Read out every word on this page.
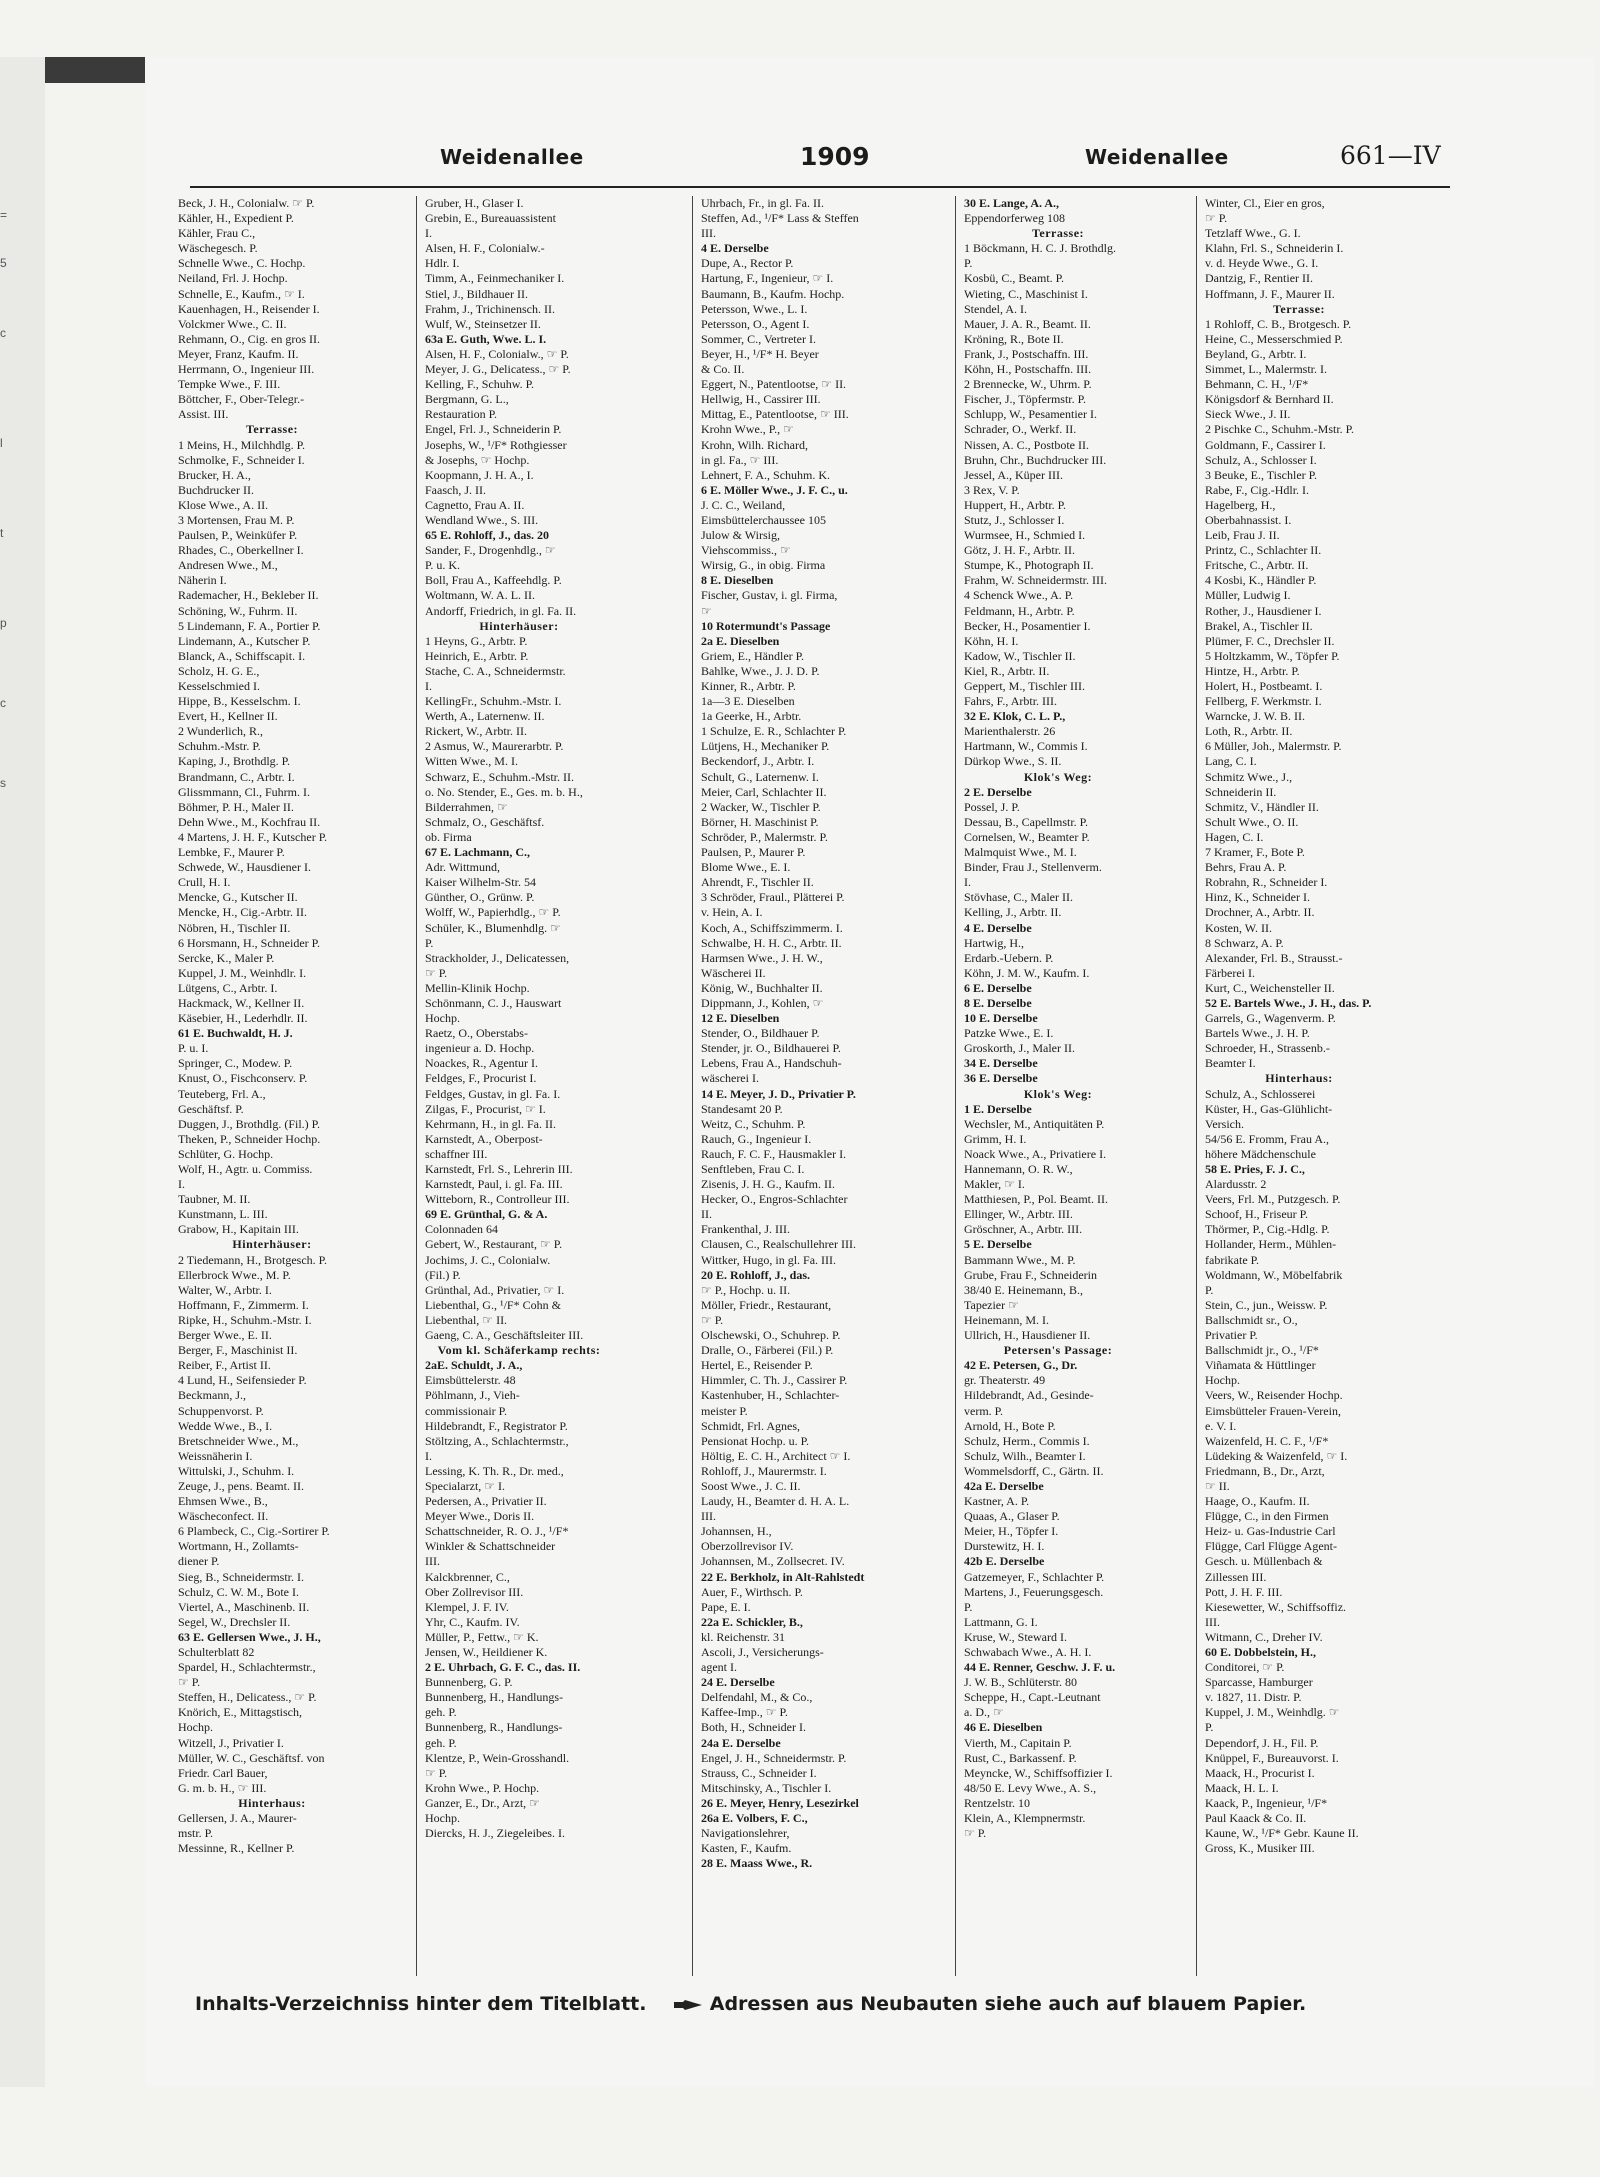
=
5
c
l
t
p
c
s
Weidenallee	1909	Weidenallee	661—IV
Beck, J. H., Colonialw. ☞ P.
Kähler, H., Expedient P.
Kähler, Frau C.,
Wäschegesch. P.
Schnelle Wwe., C. Hochp.
Neiland, Frl. J. Hochp.
Schnelle, E., Kaufm., ☞ I.
Kauenhagen, H., Reisender I.
Volckmer Wwe., C. II.
Rehmann, O., Cig. en gros II.
Meyer, Franz, Kaufm. II.
Herrmann, O., Ingenieur III.
Tempke Wwe., F. III.
Böttcher, F., Ober-Telegr.-
Assist. III.
Terrasse:
1 Meins, H., Milchhdlg. P.
Schmolke, F., Schneider I.
Brucker, H. A.,
Buchdrucker II.
Klose Wwe., A. II.
3 Mortensen, Frau M. P.
Paulsen, P., Weinküfer P.
Rhades, C., Oberkellner I.
Andresen Wwe., M.,
Näherin I.
Rademacher, H., Bekleber II.
Schöning, W., Fuhrm. II.
5 Lindemann, F. A., Portier P.
Lindemann, A., Kutscher P.
Blanck, A., Schiffscapit. I.
Scholz, H. G. E.,
Kesselschmied I.
Hippe, B., Kesselschm. I.
Evert, H., Kellner II.
2 Wunderlich, R.,
Schuhm.-Mstr. P.
Kaping, J., Brothdlg. P.
Brandmann, C., Arbtr. I.
Glissmmann, Cl., Fuhrm. I.
Böhmer, P. H., Maler II.
Dehn Wwe., M., Kochfrau II.
4 Martens, J. H. F., Kutscher P.
Lembke, F., Maurer P.
Schwede, W., Hausdiener I.
Crull, H. I.
Mencke, G., Kutscher II.
Mencke, H., Cig.-Arbtr. II.
Nöbren, H., Tischler II.
6 Horsmann, H., Schneider P.
Sercke, K., Maler P.
Kuppel, J. M., Weinhdlr. I.
Lütgens, C., Arbtr. I.
Hackmack, W., Kellner II.
Käsebier, H., Lederhdlr. II.
61 E. Buchwaldt, H. J.
P. u. I.
Springer, C., Modew. P.
Knust, O., Fischconserv. P.
Teuteberg, Frl. A.,
Geschäftsf. P.
Duggen, J., Brothdlg. (Fil.) P.
Theken, P., Schneider Hochp.
Schlüter, G. Hochp.
Wolf, H., Agtr. u. Commiss.
I.
Taubner, M. II.
Kunstmann, L. III.
Grabow, H., Kapitain III.
Hinterhäuser:
2 Tiedemann, H., Brotgesch. P.
Ellerbrock Wwe., M. P.
Walter, W., Arbtr. I.
Hoffmann, F., Zimmerm. I.
Ripke, H., Schuhm.-Mstr. I.
Berger Wwe., E. II.
Berger, F., Maschinist II.
Reiber, F., Artist II.
4 Lund, H., Seifensieder P.
Beckmann, J.,
Schuppenvorst. P.
Wedde Wwe., B., I.
Bretschneider Wwe., M.,
Weissnäherin I.
Wittulski, J., Schuhm. I.
Zeuge, J., pens. Beamt. II.
Ehmsen Wwe., B.,
Wäscheconfect. II.
6 Plambeck, C., Cig.-Sortirer P.
Wortmann, H., Zollamts-
diener P.
Sieg, B., Schneidermstr. I.
Schulz, C. W. M., Bote I.
Viertel, A., Maschinenb. II.
Segel, W., Drechsler II.
63 E. Gellersen Wwe., J. H.,
Schulterblatt 82
Spardel, H., Schlachtermstr.,
☞ P.
Steffen, H., Delicatess., ☞ P.
Knörich, E., Mittagstisch,
Hochp.
Witzell, J., Privatier I.
Müller, W. C., Geschäftsf. von
Friedr. Carl Bauer,
G. m. b. H., ☞ III.
Hinterhaus:
Gellersen, J. A., Maurer-
mstr. P.
Messinne, R., Kellner P.
Gruber, H., Glaser I.
Grebin, E., Bureauassistent
I.
Alsen, H. F., Colonialw.-
Hdlr. I.
Timm, A., Feinmechaniker I.
Stiel, J., Bildhauer II.
Frahm, J., Trichinensch. II.
Wulf, W., Steinsetzer II.
63a E. Guth, Wwe. L. I.
Alsen, H. F., Colonialw., ☞ P.
Meyer, J. G., Delicatess., ☞ P.
Kelling, F., Schuhw. P.
Bergmann, G. L.,
Restauration P.
Engel, Frl. J., Schneiderin P.
Josephs, W., ¹/F* Rothgiesser
& Josephs, ☞ Hochp.
Koopmann, J. H. A., I.
Faasch, J. II.
Cagnetto, Frau A. II.
Wendland Wwe., S. III.
65 E. Rohloff, J., das. 20
Sander, F., Drogenhdlg., ☞
P. u. K.
Boll, Frau A., Kaffeehdlg. P.
Woltmann, W. A. L. II.
Andorff, Friedrich, in gl. Fa. II.
Hinterhäuser:
1 Heyns, G., Arbtr. P.
Heinrich, E., Arbtr. P.
Stache, C. A., Schneidermstr.
I.
KellingFr., Schuhm.-Mstr. I.
Werth, A., Laternenw. II.
Rickert, W., Arbtr. II.
2 Asmus, W., Maurerarbtr. P.
Witten Wwe., M. I.
Schwarz, E., Schuhm.-Mstr. II.
o. No. Stender, E., Ges. m. b. H.,
Bilderrahmen, ☞
Schmalz, O., Geschäftsf.
ob. Firma
67 E. Lachmann, C.,
Adr. Wittmund,
Kaiser Wilhelm-Str. 54
Günther, O., Grünw. P.
Wolff, W., Papierhdlg., ☞ P.
Schüler, K., Blumenhdlg. ☞
P.
Strackholder, J., Delicatessen,
☞ P.
Mellin-Klinik Hochp.
Schönmann, C. J., Hauswart
Hochp.
Raetz, O., Oberstabs-
ingenieur a. D. Hochp.
Noackes, R., Agentur I.
Feldges, F., Procurist I.
Feldges, Gustav, in gl. Fa. I.
Zilgas, F., Procurist, ☞ I.
Kehrmann, H., in gl. Fa. II.
Karnstedt, A., Oberpost-
schaffner III.
Karnstedt, Frl. S., Lehrerin III.
Karnstedt, Paul, i. gl. Fa. III.
Witteborn, R., Controlleur III.
69 E. Grünthal, G. & A.
Colonnaden 64
Gebert, W., Restaurant, ☞ P.
Jochims, J. C., Colonialw.
(Fil.) P.
Grünthal, Ad., Privatier, ☞ I.
Liebenthal, G., ¹/F* Cohn &
Liebenthal, ☞ II.
Gaeng, C. A., Geschäftsleiter III.
Vom kl. Schäferkamp rechts:
2aE. Schuldt, J. A.,
Eimsbüttelerstr. 48
Pöhlmann, J., Vieh-
commissionair P.
Hildebrandt, F., Registrator P.
Stöltzing, A., Schlachtermstr.,
I.
Lessing, K. Th. R., Dr. med.,
Specialarzt, ☞ I.
Pedersen, A., Privatier II.
Meyer Wwe., Doris II.
Schattschneider, R. O. J., ¹/F*
Winkler & Schattschneider
III.
Kalckbrenner, C.,
Ober Zollrevisor III.
Klempel, J. F. IV.
Yhr, C., Kaufm. IV.
Müller, P., Fettw., ☞ K.
Jensen, W., Heildiener K.
2 E. Uhrbach, G. F. C., das. II.
Bunnenberg, G. P.
Bunnenberg, H., Handlungs-
geh. P.
Bunnenberg, R., Handlungs-
geh. P.
Klentze, P., Wein-Grosshandl.
☞ P.
Krohn Wwe., P. Hochp.
Ganzer, E., Dr., Arzt, ☞
Hochp.
Diercks, H. J., Ziegeleibes. I.
Uhrbach, Fr., in gl. Fa. II.
Steffen, Ad., ¹/F* Lass & Steffen
III.
4 E. Derselbe
Dupe, A., Rector P.
Hartung, F., Ingenieur, ☞ I.
Baumann, B., Kaufm. Hochp.
Petersson, Wwe., L. I.
Petersson, O., Agent I.
Sommer, C., Vertreter I.
Beyer, H., ¹/F* H. Beyer
& Co. II.
Eggert, N., Patentlootse, ☞ II.
Hellwig, H., Cassirer III.
Mittag, E., Patentlootse, ☞ III.
Krohn Wwe., P., ☞
Krohn, Wilh. Richard,
in gl. Fa., ☞ III.
Lehnert, F. A., Schuhm. K.
6 E. Möller Wwe., J. F. C., u.
J. C. C., Weiland,
Eimsbüttelerchaussee 105
Julow & Wirsig,
Viehscommiss., ☞
Wirsig, G., in obig. Firma
8 E. Dieselben
Fischer, Gustav, i. gl. Firma,
☞
10 Rotermundt's Passage
2a E. Dieselben
Griem, E., Händler P.
Bahlke, Wwe., J. J. D. P.
Kinner, R., Arbtr. P.
1a—3 E. Dieselben
1a Geerke, H., Arbtr.
1 Schulze, E. R., Schlachter P.
Lütjens, H., Mechaniker P.
Beckendorf, J., Arbtr. I.
Schult, G., Laternenw. I.
Meier, Carl, Schlachter II.
2 Wacker, W., Tischler P.
Börner, H. Maschinist P.
Schröder, P., Malermstr. P.
Paulsen, P., Maurer P.
Blome Wwe., E. I.
Ahrendt, F., Tischler II.
3 Schröder, Fraul., Plätterei P.
v. Hein, A. I.
Koch, A., Schiffszimmerm. I.
Schwalbe, H. H. C., Arbtr. II.
Harmsen Wwe., J. H. W.,
Wäscherei II.
König, W., Buchhalter II.
Dippmann, J., Kohlen, ☞
12 E. Dieselben
Stender, O., Bildhauer P.
Stender, jr. O., Bildhauerei P.
Lebens, Frau A., Handschuh-
wäscherei I.
14 E. Meyer, J. D., Privatier P.
Standesamt 20 P.
Weitz, C., Schuhm. P.
Rauch, G., Ingenieur I.
Rauch, F. C. F., Hausmakler I.
Senftleben, Frau C. I.
Zisenis, J. H. G., Kaufm. II.
Hecker, O., Engros-Schlachter
II.
Frankenthal, J. III.
Clausen, C., Realschullehrer III.
Wittker, Hugo, in gl. Fa. III.
20 E. Rohloff, J., das.
☞ P., Hochp. u. II.
Möller, Friedr., Restaurant,
☞ P.
Olschewski, O., Schuhrep. P.
Dralle, O., Färberei (Fil.) P.
Hertel, E., Reisender P.
Himmler, C. Th. J., Cassirer P.
Kastenhuber, H., Schlachter-
meister P.
Schmidt, Frl. Agnes,
Pensionat Hochp. u. P.
Höltig, E. C. H., Architect ☞ I.
Rohloff, J., Maurermstr. I.
Soost Wwe., J. C. II.
Laudy, H., Beamter d. H. A. L.
III.
Johannsen, H.,
Oberzollrevisor IV.
Johannsen, M., Zollsecret. IV.
22 E. Berkholz, in Alt-Rahlstedt
Auer, F., Wirthsch. P.
Pape, E. I.
22a E. Schickler, B.,
kl. Reichenstr. 31
Ascoli, J., Versicherungs-
agent I.
24 E. Derselbe
Delfendahl, M., & Co.,
Kaffee-Imp., ☞ P.
Both, H., Schneider I.
24a E. Derselbe
Engel, J. H., Schneidermstr. P.
Strauss, C., Schneider I.
Mitschinsky, A., Tischler I.
26 E. Meyer, Henry, Lesezirkel
26a E. Volbers, F. C.,
Navigationslehrer,
Kasten, F., Kaufm.
28 E. Maass Wwe., R.
30 E. Lange, A. A.,
Eppendorferweg 108
Terrasse:
1 Böckmann, H. C. J. Brothdlg.
P.
Kosbü, C., Beamt. P.
Wieting, C., Maschinist I.
Stendel, A. I.
Mauer, J. A. R., Beamt. II.
Kröning, R., Bote II.
Frank, J., Postschaffn. III.
Köhn, H., Postschaffn. III.
2 Brennecke, W., Uhrm. P.
Fischer, J., Töpfermstr. P.
Schlupp, W., Pesamentier I.
Schrader, O., Werkf. II.
Nissen, A. C., Postbote II.
Bruhn, Chr., Buchdrucker III.
Jessel, A., Küper III.
3 Rex, V. P.
Huppert, H., Arbtr. P.
Stutz, J., Schlosser I.
Wurmsee, H., Schmied I.
Götz, J. H. F., Arbtr. II.
Stumpe, K., Photograph II.
Frahm, W. Schneidermstr. III.
4 Schenck Wwe., A. P.
Feldmann, H., Arbtr. P.
Becker, H., Posamentier I.
Köhn, H. I.
Kadow, W., Tischler II.
Kiel, R., Arbtr. II.
Geppert, M., Tischler III.
Fahrs, F., Arbtr. III.
32 E. Klok, C. L. P.,
Marienthalerstr. 26
Hartmann, W., Commis I.
Dürkop Wwe., S. II.
Klok's Weg:
2 E. Derselbe
Possel, J. P.
Dessau, B., Capellmstr. P.
Cornelsen, W., Beamter P.
Malmquist Wwe., M. I.
Binder, Frau J., Stellenverm.
I.
Stövhase, C., Maler II.
Kelling, J., Arbtr. II.
4 E. Derselbe
Hartwig, H.,
Erdarb.-Uebern. P.
Köhn, J. M. W., Kaufm. I.
6 E. Derselbe
8 E. Derselbe
10 E. Derselbe
Patzke Wwe., E. I.
Groskorth, J., Maler II.
34 E. Derselbe
36 E. Derselbe
Klok's Weg:
1 E. Derselbe
Wechsler, M., Antiquitäten P.
Grimm, H. I.
Noack Wwe., A., Privatiere I.
Hannemann, O. R. W.,
Makler, ☞ I.
Matthiesen, P., Pol. Beamt. II.
Ellinger, W., Arbtr. III.
Gröschner, A., Arbtr. III.
5 E. Derselbe
Bammann Wwe., M. P.
Grube, Frau F., Schneiderin
38/40 E. Heinemann, B.,
Tapezier ☞
Heinemann, M. I.
Ullrich, H., Hausdiener II.
Petersen's Passage:
42 E. Petersen, G., Dr.
gr. Theaterstr. 49
Hildebrandt, Ad., Gesinde-
verm. P.
Arnold, H., Bote P.
Schulz, Herm., Commis I.
Schulz, Wilh., Beamter I.
Wommelsdorff, C., Gärtn. II.
42a E. Derselbe
Kastner, A. P.
Quaas, A., Glaser P.
Meier, H., Töpfer I.
Durstewitz, H. I.
42b E. Derselbe
Gatzemeyer, F., Schlachter P.
Martens, J., Feuerungsgesch.
P.
Lattmann, G. I.
Kruse, W., Steward I.
Schwabach Wwe., A. H. I.
44 E. Renner, Geschw. J. F. u.
J. W. B., Schlüterstr. 80
Scheppe, H., Capt.-Leutnant
a. D., ☞
46 E. Dieselben
Vierth, M., Capitain P.
Rust, C., Barkassenf. P.
Meyncke, W., Schiffsoffizier I.
48/50 E. Levy Wwe., A. S.,
Rentzelstr. 10
Klein, A., Klempnermstr.
☞ P.
Winter, Cl., Eier en gros,
☞ P.
Tetzlaff Wwe., G. I.
Klahn, Frl. S., Schneiderin I.
v. d. Heyde Wwe., G. I.
Dantzig, F., Rentier II.
Hoffmann, J. F., Maurer II.
Terrasse:
1 Rohloff, C. B., Brotgesch. P.
Heine, C., Messerschmied P.
Beyland, G., Arbtr. I.
Simmet, L., Malermstr. I.
Behmann, C. H., ¹/F*
Königsdorf & Bernhard II.
Sieck Wwe., J. II.
2 Pischke C., Schuhm.-Mstr. P.
Goldmann, F., Cassirer I.
Schulz, A., Schlosser I.
3 Beuke, E., Tischler P.
Rabe, F., Cig.-Hdlr. I.
Hagelberg, H.,
Oberbahnassist. I.
Leib, Frau J. II.
Printz, C., Schlachter II.
Fritsche, C., Arbtr. II.
4 Kosbi, K., Händler P.
Müller, Ludwig I.
Rother, J., Hausdiener I.
Brakel, A., Tischler II.
Plümer, F. C., Drechsler II.
5 Holtzkamm, W., Töpfer P.
Hintze, H., Arbtr. P.
Holert, H., Postbeamt. I.
Fellberg, F. Werkmstr. I.
Warncke, J. W. B. II.
Loth, R., Arbtr. II.
6 Müller, Joh., Malermstr. P.
Lang, C. I.
Schmitz Wwe., J.,
Schneiderin II.
Schmitz, V., Händler II.
Schult Wwe., O. II.
Hagen, C. I.
7 Kramer, F., Bote P.
Behrs, Frau A. P.
Robrahn, R., Schneider I.
Hinz, K., Schneider I.
Drochner, A., Arbtr. II.
Kosten, W. II.
8 Schwarz, A. P.
Alexander, Frl. B., Strausst.-
Färberei I.
Kurt, C., Weichensteller II.
52 E. Bartels Wwe., J. H., das. P.
Garrels, G., Wagenverm. P.
Bartels Wwe., J. H. P.
Schroeder, H., Strassenb.-
Beamter I.
Hinterhaus:
Schulz, A., Schlosserei
Küster, H., Gas-Glühlicht-
Versich.
54/56 E. Fromm, Frau A.,
höhere Mädchenschule
58 E. Pries, F. J. C.,
Alardusstr. 2
Veers, Frl. M., Putzgesch. P.
Schoof, H., Friseur P.
Thörmer, P., Cig.-Hdlg. P.
Hollander, Herm., Mühlen-
fabrikate P.
Woldmann, W., Möbelfabrik
P.
Stein, C., jun., Weissw. P.
Ballschmidt sr., O.,
Privatier P.
Ballschmidt jr., O., ¹/F*
Viñamata & Hüttlinger
Hochp.
Veers, W., Reisender Hochp.
Eimsbütteler Frauen-Verein,
e. V. I.
Waizenfeld, H. C. F., ¹/F*
Lüdeking & Waizenfeld, ☞ I.
Friedmann, B., Dr., Arzt,
☞ II.
Haage, O., Kaufm. II.
Flügge, C., in den Firmen
Heiz- u. Gas-Industrie Carl
Flügge, Carl Flügge Agent-
Gesch. u. Müllenbach &
Zillessen III.
Pott, J. H. F. III.
Kiesewetter, W., Schiffsoffiz.
III.
Witmann, C., Dreher IV.
60 E. Dobbelstein, H.,
Conditorei, ☞ P.
Sparcasse, Hamburger
v. 1827, 11. Distr. P.
Kuppel, J. M., Weinhdlg. ☞
P.
Dependorf, J. H., Fil. P.
Knüppel, F., Bureauvorst. I.
Maack, H., Procurist I.
Maack, H. L. I.
Kaack, P., Ingenieur, ¹/F*
Paul Kaack & Co. II.
Kaune, W., ¹/F* Gebr. Kaune II.
Gross, K., Musiker III.
Inhalts-Verzeichniss hinter dem Titelblatt.	Adressen aus Neubauten siehe auch auf blauem Papier.
